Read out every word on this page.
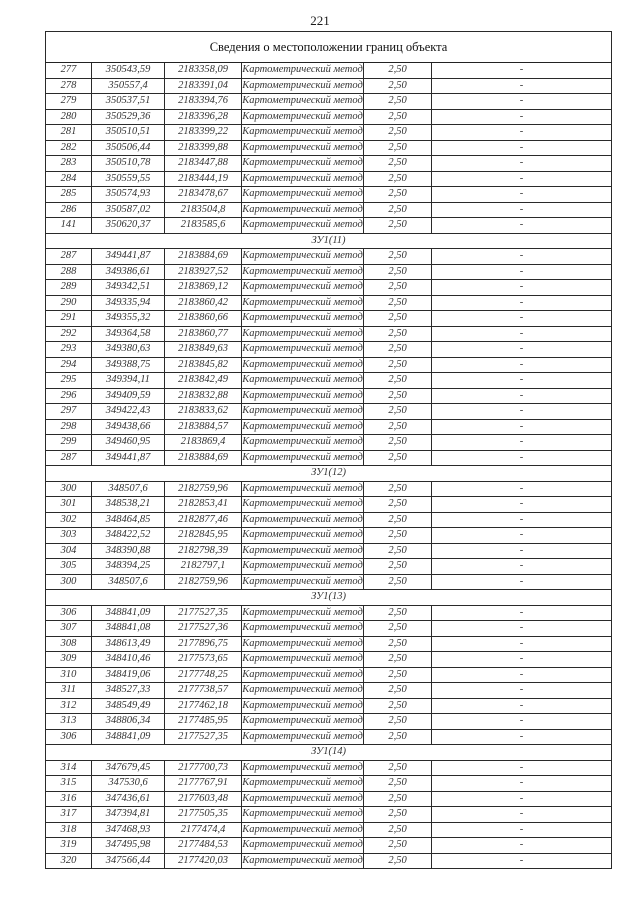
221
Сведения о местоположении границ объекта					
277	350543,59	2183358,09	Картометрический метод	2,50	-
278	350557,4	2183391,04	Картометрический метод	2,50	-
279	350537,51	2183394,76	Картометрический метод	2,50	-
280	350529,36	2183396,28	Картометрический метод	2,50	-
281	350510,51	2183399,22	Картометрический метод	2,50	-
282	350506,44	2183399,88	Картометрический метод	2,50	-
283	350510,78	2183447,88	Картометрический метод	2,50	-
284	350559,55	2183444,19	Картометрический метод	2,50	-
285	350574,93	2183478,67	Картометрический метод	2,50	-
286	350587,02	2183504,8	Картометрический метод	2,50	-
141	350620,37	2183585,6	Картометрический метод	2,50	-
ЗУ1(11)					
287	349441,87	2183884,69	Картометрический метод	2,50	-
288	349386,61	2183927,52	Картометрический метод	2,50	-
289	349342,51	2183869,12	Картометрический метод	2,50	-
290	349335,94	2183860,42	Картометрический метод	2,50	-
291	349355,32	2183860,66	Картометрический метод	2,50	-
292	349364,58	2183860,77	Картометрический метод	2,50	-
293	349380,63	2183849,63	Картометрический метод	2,50	-
294	349388,75	2183845,82	Картометрический метод	2,50	-
295	349394,11	2183842,49	Картометрический метод	2,50	-
296	349409,59	2183832,88	Картометрический метод	2,50	-
297	349422,43	2183833,62	Картометрический метод	2,50	-
298	349438,66	2183884,57	Картометрический метод	2,50	-
299	349460,95	2183869,4	Картометрический метод	2,50	-
287	349441,87	2183884,69	Картометрический метод	2,50	-
ЗУ1(12)					
300	348507,6	2182759,96	Картометрический метод	2,50	-
301	348538,21	2182853,41	Картометрический метод	2,50	-
302	348464,85	2182877,46	Картометрический метод	2,50	-
303	348422,52	2182845,95	Картометрический метод	2,50	-
304	348390,88	2182798,39	Картометрический метод	2,50	-
305	348394,25	2182797,1	Картометрический метод	2,50	-
300	348507,6	2182759,96	Картометрический метод	2,50	-
ЗУ1(13)					
306	348841,09	2177527,35	Картометрический метод	2,50	-
307	348841,08	2177527,36	Картометрический метод	2,50	-
308	348613,49	2177896,75	Картометрический метод	2,50	-
309	348410,46	2177573,65	Картометрический метод	2,50	-
310	348419,06	2177748,25	Картометрический метод	2,50	-
311	348527,33	2177738,57	Картометрический метод	2,50	-
312	348549,49	2177462,18	Картометрический метод	2,50	-
313	348806,34	2177485,95	Картометрический метод	2,50	-
306	348841,09	2177527,35	Картометрический метод	2,50	-
ЗУ1(14)					
314	347679,45	2177700,73	Картометрический метод	2,50	-
315	347530,6	2177767,91	Картометрический метод	2,50	-
316	347436,61	2177603,48	Картометрический метод	2,50	-
317	347394,81	2177505,35	Картометрический метод	2,50	-
318	347468,93	2177474,4	Картометрический метод	2,50	-
319	347495,98	2177484,53	Картометрический метод	2,50	-
320	347566,44	2177420,03	Картометрический метод	2,50	-
